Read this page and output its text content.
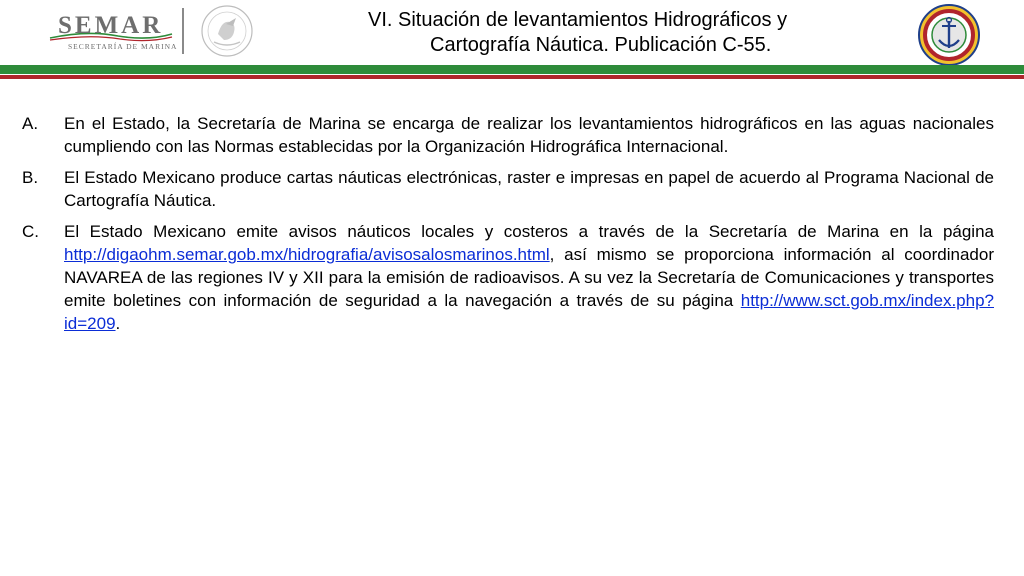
SEMAR
SECRETARÍA DE MARINA
VI. Situación de levantamientos Hidrográficos y
Cartografía Náutica. Publicación C-55.
A. En el Estado, la Secretaría de Marina se encarga de realizar los levantamientos hidrográficos en las aguas nacionales cumpliendo con las Normas establecidas por la Organización Hidrográfica Internacional.
B. El Estado Mexicano produce cartas náuticas electrónicas, raster e impresas en papel de acuerdo al Programa Nacional de Cartografía Náutica.
C. El Estado Mexicano emite avisos náuticos locales y costeros a través de la Secretaría de Marina en la página http://digaohm.semar.gob.mx/hidrografia/avisosalosmarinos.html, así mismo se proporciona información al coordinador NAVAREA de las regiones IV y XII para la emisión de radioavisos. A su vez la Secretaría de Comunicaciones y transportes emite boletines con información de seguridad a la navegación a través de su página http://www.sct.gob.mx/index.php?id=209.
